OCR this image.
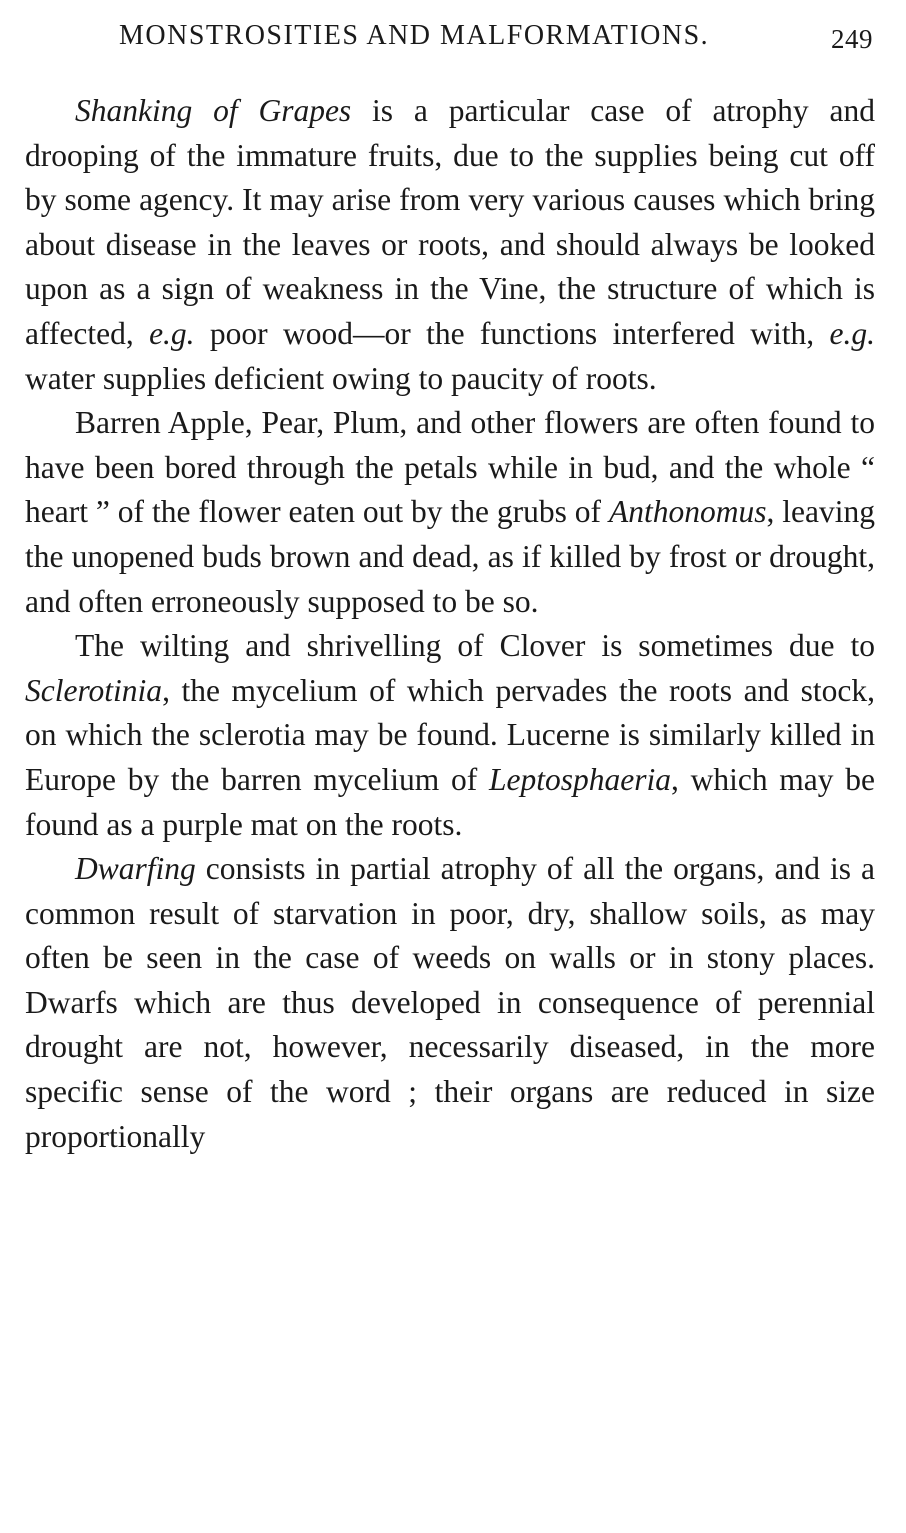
MONSTROSITIES AND MALFORMATIONS.	249

Shanking of Grapes is a particular case of atrophy and drooping of the immature fruits, due to the supplies being cut off by some agency. It may arise from very various causes which bring about disease in the leaves or roots, and should always be looked upon as a sign of weakness in the Vine, the structure of which is affected, e.g. poor wood—or the functions interfered with, e.g. water supplies deficient owing to paucity of roots.

Barren Apple, Pear, Plum, and other flowers are often found to have been bored through the petals while in bud, and the whole “ heart ” of the flower eaten out by the grubs of Anthonomus, leaving the unopened buds brown and dead, as if killed by frost or drought, and often erroneously supposed to be so.

The wilting and shrivelling of Clover is sometimes due to Sclerotinia, the mycelium of which pervades the roots and stock, on which the sclerotia may be found. Lucerne is similarly killed in Europe by the barren mycelium of Leptosphaeria, which may be found as a purple mat on the roots.

Dwarfing consists in partial atrophy of all the organs, and is a common result of starvation in poor, dry, shallow soils, as may often be seen in the case of weeds on walls or in stony places. Dwarfs which are thus developed in consequence of perennial drought are not, however, necessarily diseased, in the more specific sense of the word ; their organs are reduced in size proportionally
